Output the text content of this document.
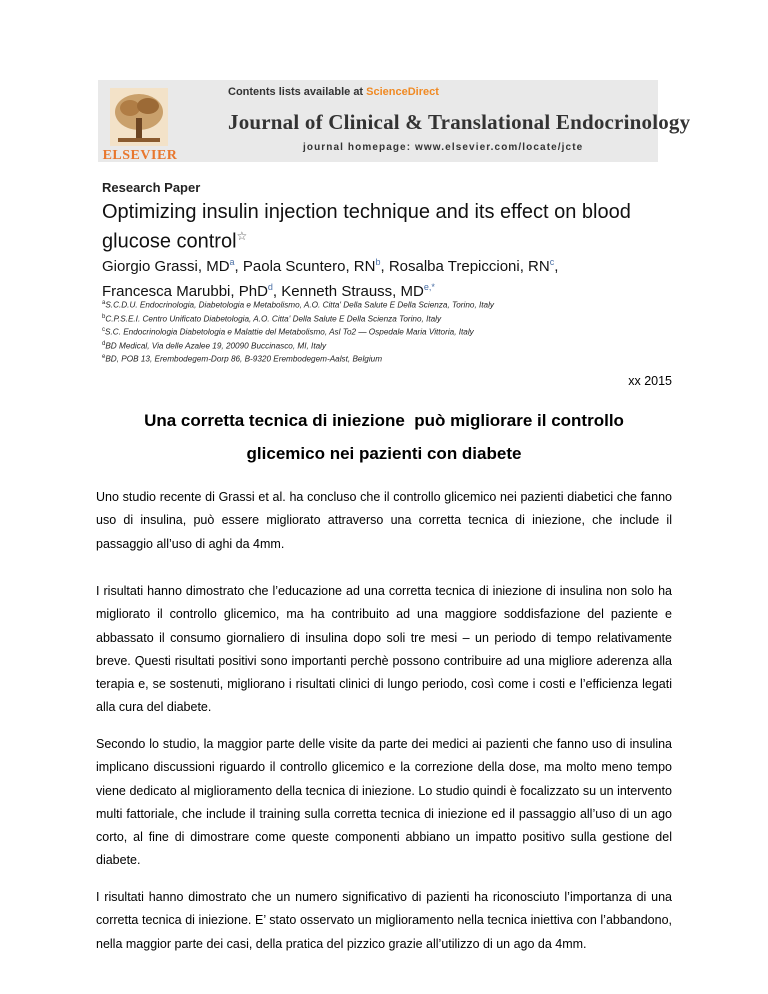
ELSEVIER
Contents lists available at ScienceDirect
Journal of Clinical & Translational Endocrinology
journal homepage: www.elsevier.com/locate/jcte
Research Paper
Optimizing insulin injection technique and its effect on blood glucose control☆
Giorgio Grassi, $MD^a$, Paola Scuntero, $RN^b$, Rosalba Trepiccioni, $RN^c$,
Francesca Marubbi, PhD$^d$, Kenneth Strauss, $MD^{e,*}$
$^a$S.C.D.U. Endocrinologia, Diabetologia e Metabolismo, A.O. Citta' Della Salute E Della Scienza, Torino, Italy
$^b$C.P.S.E.I. Centro Unificato Diabetologia, A.O. Citta' Della Salute E Della Scienza Torino, Italy
$^c$S.C. Endocrinologia Diabetologia e Malattie del Metabolismo, Asl To2 — Ospedale Maria Vittoria, Italy
$^d$BD Medical, Via delle Azalee 19, 20090 Buccinasco, MI, Italy
$^e$BD, POB 13, Erembodegem-Dorp 86, B-9320 Erembodegem-Aalst, Belgium
xx 2015
Una corretta tecnica di iniezione  può migliorare il controllo
glicemico nei pazienti con diabete

Uno studio recente di Grassi et al. ha concluso che il controllo glicemico nei pazienti diabetici che fanno uso di insulina, può essere migliorato attraverso una corretta tecnica di iniezione, che include il passaggio all’uso di aghi da 4mm.

I risultati hanno dimostrato che l’educazione ad una corretta tecnica di iniezione di insulina non solo ha migliorato il controllo glicemico, ma ha contribuito ad una maggiore soddisfazione del paziente e abbassato il consumo giornaliero di insulina dopo soli tre mesi – un periodo di tempo relativamente breve. Questi risultati positivi sono importanti perchè possono contribuire ad una migliore aderenza alla terapia e, se sostenuti, migliorano i risultati clinici di lungo periodo, così come i costi e l’efficienza legati alla cura del diabete.

Secondo lo studio, la maggior parte delle visite da parte dei medici ai pazienti che fanno uso di insulina implicano discussioni riguardo il controllo glicemico e la correzione della dose, ma molto meno tempo viene dedicato al miglioramento della tecnica di iniezione. Lo studio quindi è focalizzato su un intervento multi fattoriale, che include il training sulla corretta tecnica di iniezione ed il passaggio all’uso di un ago corto, al fine di dimostrare come queste componenti abbiano un impatto positivo sulla gestione del diabete.

I risultati hanno dimostrato che un numero significativo di pazienti ha riconosciuto l’importanza di una corretta tecnica di iniezione. E’ stato osservato un miglioramento nella tecnica iniettiva con l’abbandono, nella maggior parte dei casi, della pratica del pizzico grazie all’utilizzo di un ago da 4mm.
